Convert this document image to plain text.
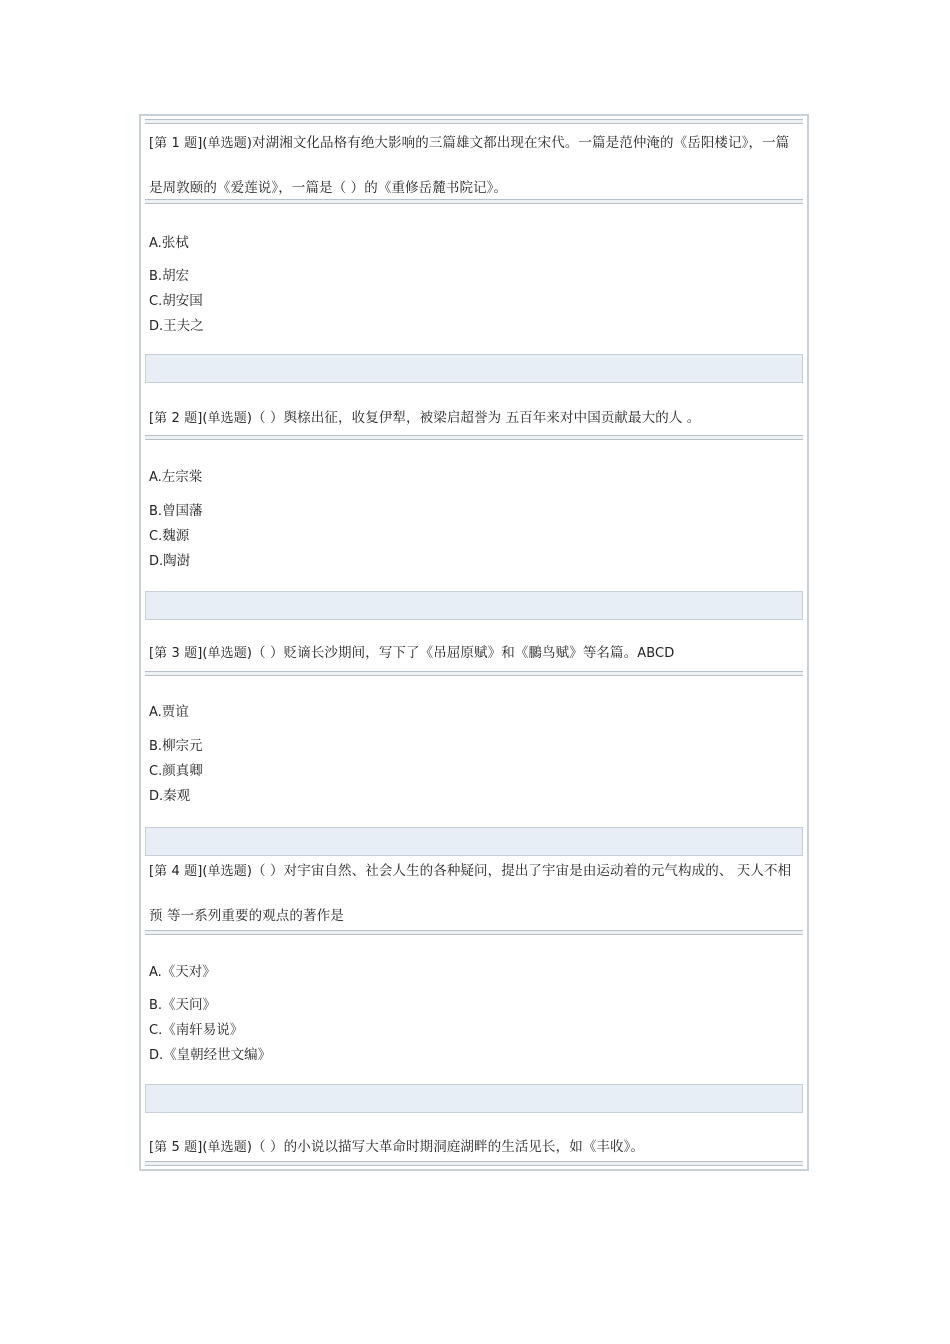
[第 1 题](单选题)对湖湘文化品格有绝大影响的三篇雄文都出现在宋代。一篇是范仲淹的《岳阳楼记》，一篇是周敦颐的《爱莲说》，一篇是（ ）的《重修岳麓书院记》。
A.张栻
B.胡宏
C.胡安国
D.王夫之
[第 2 题](单选题)（ ）舆榇出征，收复伊犁，被梁启超誉为 五百年来对中国贡献最大的人 。
A.左宗棠
B.曾国藩
C.魏源
D.陶澍
[第 3 题](单选题)（ ）贬谪长沙期间，写下了《吊屈原赋》和《鵩鸟赋》等名篇。ABCD
A.贾谊
B.柳宗元
C.颜真卿
D.秦观
[第 4 题](单选题)（ ）对宇宙自然、社会人生的各种疑问，提出了宇宙是由运动着的元气构成的、 天人不相预 等一系列重要的观点的著作是
A.《天对》
B.《天问》
C.《南轩易说》
D.《皇朝经世文编》
[第 5 题](单选题)（ ）的小说以描写大革命时期洞庭湖畔的生活见长，如《丰收》。
